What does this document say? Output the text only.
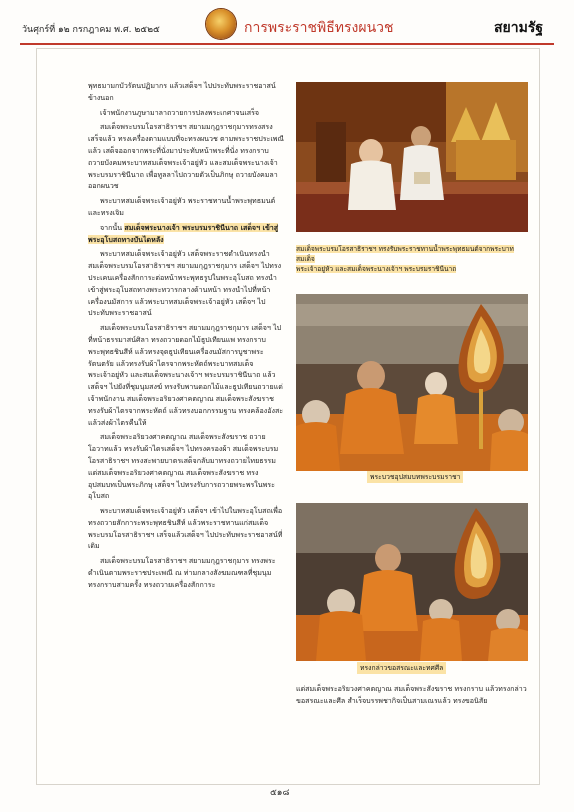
วันศุกร์ที่ ๑๒ กรกฎาคม พ.ศ. ๒๕๒๕	การพระราชพิธีทรงผนวช	สยามรัฐ

พุทธมามกบัวรัตนปฏิมากร แล้วเสด็จฯ ไปประทับพระราชอาสน์ข้างนอก

เจ้าพนักงานภูษามาลาถวายการปลงพระเกศาจนเสร็จ

สมเด็จพระบรมโอรสาธิราชฯ สยามมกุฎราชกุมารทรงสรงเสร็จแล้ว ทรงเครื่องตามแบบที่จะทรงผนวช ตามพระราชประเพณีแล้ว เสด็จออกจากพระที่นั่งมาประทับหน้าพระที่นั่ง ทรงกราบถวายบังคมพระบาทสมเด็จพระเจ้าอยู่หัว และสมเด็จพระนางเจ้าพระบรมราชินีนาถ เพื่อทูลลาไปถวายตัวเป็นภิกษุ ถวายบังคมลาออกผนวช

พระบาทสมเด็จพระเจ้าอยู่หัว พระราชทานน้ำพระพุทธมนต์ และทรงเจิม

จากนั้น สมเด็จพระนางเจ้า พระบรมราชินีนาถ เสด็จฯ เข้าสู่พระอุโบสถทางบันไดหลัง

พระบาทสมเด็จพระเจ้าอยู่หัว เสด็จพระราชดำเนินทรงนำสมเด็จพระบรมโอรสาธิราชฯ สยามมกุฎราชกุมาร เสด็จฯ ไปทรงประเคนเครื่องสักการะต่อหน้าพระพุทธรูปในพระอุโบสถ ทรงนำเข้าสู่พระอุโบสถทางพระทวารกลางด้านหน้า ทรงนำไปที่หน้าเครื่องนมัสการ แล้วพระบาทสมเด็จพระเจ้าอยู่หัว เสด็จฯ ไปประทับพระราชอาสน์

สมเด็จพระบรมโอรสาธิราชฯ สยามมกุฎราชกุมาร เสด็จฯ ไปที่หน้าธรรมาสน์ศิลา ทรงถวายดอกไม้ธูปเทียนแพ ทรงกราบพระพุทธชินสีห์ แล้วทรงจุดธูปเทียนเครื่องนมัสการบูชาพระรัตนตรัย แล้วทรงรับผ้าไตรจากพระหัตถ์พระบาทสมเด็จพระเจ้าอยู่หัว และสมเด็จพระนางเจ้าฯ พระบรมราชินีนาถ แล้วเสด็จฯ ไปยังที่ชุมนุมสงฆ์ ทรงรับพานดอกไม้และธูปเทียนถวายแด่เจ้าพนักงาน สมเด็จพระอริยวงศาคตญาณ สมเด็จพระสังฆราช ทรงรับผ้าไตรจากพระหัตถ์ แล้วทรงบอกกรรมฐาน ทรงคล้องอังสะ แล้วส่งผ้าไตรคืนให้

สมเด็จพระอริยวงศาคตญาณ สมเด็จพระสังฆราช ถวายโอวาทแล้ว ทรงรับผ้าไตรเสด็จฯ ไปทรงครองผ้า สมเด็จพระบรมโอรสาธิราชฯ ทรงสะพายบาตรเสด็จกลับมาทรงถวายไทยธรรมแด่สมเด็จพระอริยวงศาคตญาณ สมเด็จพระสังฆราช ทรงอุปสมบทเป็นพระภิกษุ เสด็จฯ ไปทรงรับการถวายพระพรในพระอุโบสถ

พระบาทสมเด็จพระเจ้าอยู่หัว เสด็จฯ เข้าไปในพระอุโบสถเพื่อทรงถวายสักการะพระพุทธชินสีห์ แล้วพระราชทานแก่สมเด็จพระบรมโอรสาธิราชฯ เสร็จแล้วเสด็จฯ ไปประทับพระราชอาสน์ที่เดิม

สมเด็จพระบรมโอรสาธิราชฯ สยามมกุฎราชกุมาร ทรงพระดำเนินตามพระราชประเพณี ณ ท่ามกลางสังฆมณฑลที่ชุมนุม ทรงกราบสามครั้ง ทรงถวายเครื่องสักการะ

สมเด็จพระบรมโอรสาธิราชฯ ทรงรับพระราชทานน้ำพระพุทธมนต์จากพระบาทสมเด็จ
พระเจ้าอยู่หัว และสมเด็จพระนางเจ้าฯ พระบรมราชินีนาถ
พระบวชอุปสมบทพระบรมราชา
ทรงกล่าวขอสรณะและทศศีล

แด่สมเด็จพระอริยวงศาคตญาณ สมเด็จพระสังฆราช ทรงกราบ แล้วทรงกล่าวขอสรณะและศีล สำเร็จบรรพชากิจเป็นสามเณรแล้ว ทรงขอนิสัย

๕๑๘
